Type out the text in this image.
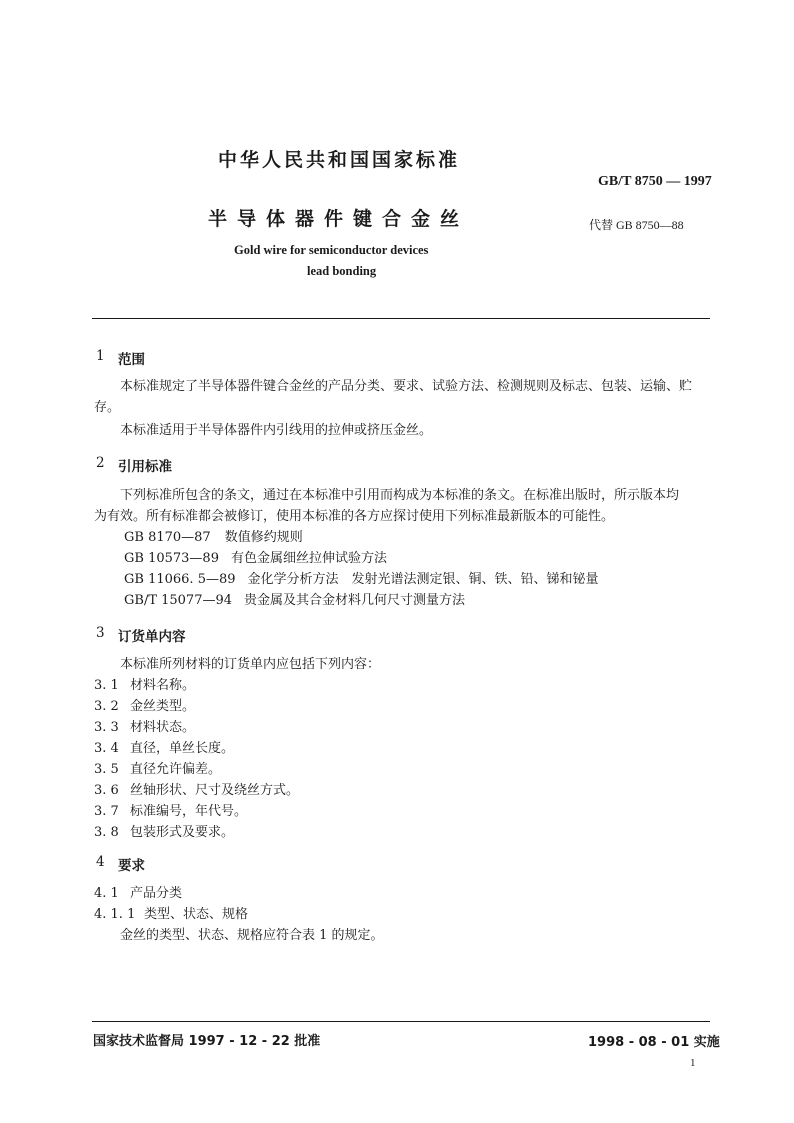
中华人民共和国国家标准
GB/T 8750 — 1997
半导体器件键合金丝	代替 GB 8750—88
Gold wire for semiconductor devices
lead bonding
1 范围
本标准规定了半导体器件键合金丝的产品分类、要求、试验方法、检测规则及标志、包装、运输、贮
存。
本标准适用于半导体器件内引线用的拉伸或挤压金丝。
2 引用标准
下列标准所包含的条文，通过在本标准中引用而构成为本标准的条文。在标准出版时，所示版本均
为有效。所有标准都会被修订，使用本标准的各方应探讨使用下列标准最新版本的可能性。
GB 8170—87 数值修约规则
GB 10573—89 有色金属细丝拉伸试验方法
GB 11066. 5—89 金化学分析方法　发射光谱法测定银、铜、铁、铅、锑和铋量
GB/T 15077—94 贵金属及其合金材料几何尺寸测量方法
3 订货单内容
本标准所列材料的订货单内应包括下列内容：
3. 1 材料名称。
3. 2 金丝类型。
3. 3 材料状态。
3. 4 直径，单丝长度。
3. 5 直径允许偏差。
3. 6 丝轴形状、尺寸及绕丝方式。
3. 7 标准编号，年代号。
3. 8 包装形式及要求。
4 要求
4. 1 产品分类
4. 1. 1 类型、状态、规格
金丝的类型、状态、规格应符合表 1 的规定。
国家技术监督局 1997 - 12 - 22 批准	1998 - 08 - 01 实施
1
